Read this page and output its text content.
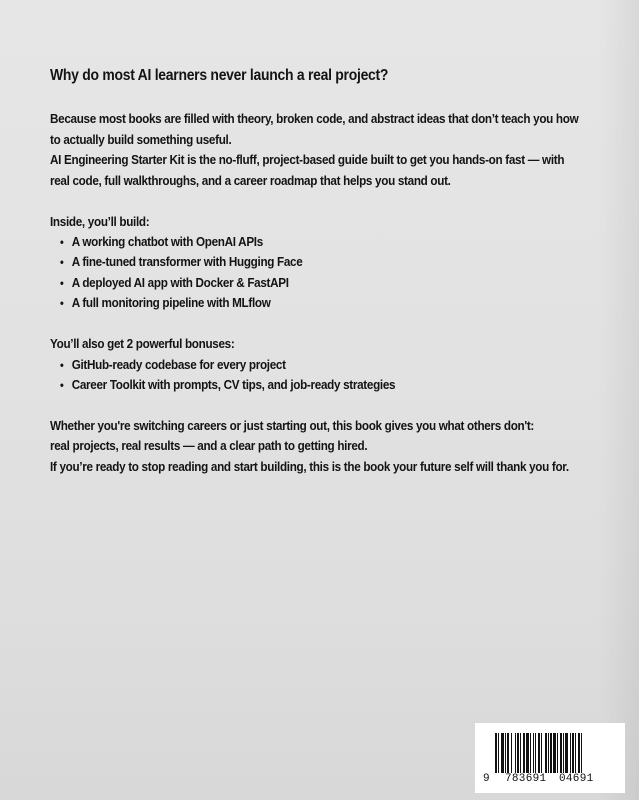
Why do most AI learners never launch a real project?
Because most books are filled with theory, broken code, and abstract ideas that don’t teach you how
to actually build something useful.
AI Engineering Starter Kit is the no-fluff, project-based guide built to get you hands-on fast — with
real code, full walkthroughs, and a career roadmap that helps you stand out.
Inside, you’ll build:
• A working chatbot with OpenAI APIs
• A fine-tuned transformer with Hugging Face
• A deployed AI app with Docker & FastAPI
• A full monitoring pipeline with MLflow
You’ll also get 2 powerful bonuses:
• GitHub-ready codebase for every project
• Career Toolkit with prompts, CV tips, and job-ready strategies
Whether you're switching careers or just starting out, this book gives you what others don't:
real projects, real results — and a clear path to getting hired.
If you’re ready to stop reading and start building, this is the book your future self will thank you for.
9 783691 04691
